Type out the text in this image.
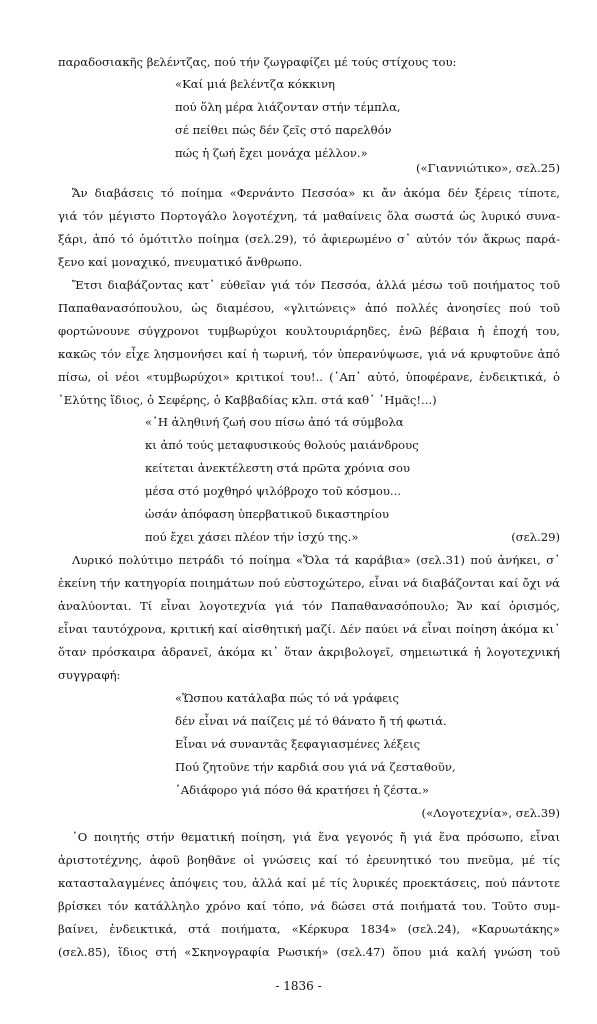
παραδοσιακῆς βελέντζας, πού τήν ζωγραφίζει μέ τούς στίχους του:
«Καί μιά βελέντζα κόκκινη
πού ὅλη μέρα λιάζονταν στήν τέμπλα,
σέ πείθει πώς δέν ζεῖς στό παρελθόν
πώς ἡ ζωή ἔχει μονάχα μέλλον.»
(«Γιαννιώτικο», σελ.25)
Ἄν διαβάσεις τό ποίημα «Φερνάντο Πεσσόα» κι ἄν ἀκόμα δέν ξέρεις τίποτε,
γιά τόν μέγιστο Πορτογάλο λογοτέχνη, τά μαθαίνεις ὅλα σωστά ὡς λυρικό συνα-
ξάρι, ἀπό τό ὁμότιτλο ποίημα (σελ.29), τό ἀφιερωμένο σ᾿ αὐτόν τόν ἄκρως παρά-
ξενο καί μοναχικό, πνευματικό ἄνθρωπο.
Ἔτσι διαβάζοντας κατ᾿ εὐθεῖαν γιά τόν Πεσσόα, ἀλλά μέσω τοῦ ποιήματος τοῦ
Παπαθανασόπουλου, ὡς διαμέσου, «γλιτώνεις» ἀπό πολλές ἀνοησίες πού τοῦ
φορτώνουνε σύγχρονοι τυμβωρύχοι κουλτουριάρηδες, ἐνῶ βέβαια ἡ ἐποχή του,
κακῶς τόν εἶχε λησμονήσει καί ἡ τωρινή, τόν ὑπερανύψωσε, γιά νά κρυφτοῦνε ἀπό
πίσω, οἱ νέοι «τυμβωρύχοι» κριτικοί του!.. (᾿Απ᾿ αὐτό, ὑποφέρανε, ἐνδεικτικά, ὁ
᾿Ελύτης ἴδιος, ὁ Σεφέρης, ὁ Καββαδίας κλπ. στά καθ᾿ ῾Ημᾶς!...)
«᾿Η ἀληθινή ζωή σου πίσω ἀπό τά σύμβολα
κι ἀπό τούς μεταφυσικούς θολούς μαιάνδρους
κείτεται ἀνεκτέλεστη στά πρῶτα χρόνια σου
μέσα στό μοχθηρό ψιλόβροχο τοῦ κόσμου...
ὡσάν ἀπόφαση ὑπερβατικοῦ δικαστηρίου
πού ἔχει χάσει πλέον τήν ἰσχύ της.»	(σελ.29)
Λυρικό πολύτιμο πετράδι τό ποίημα «Ὅλα τά καράβια» (σελ.31) πού ἀνήκει, σ᾿
ἐκείνη τήν κατηγορία ποιημάτων πού εὐστοχώτερο, εἶναι νά διαβάζονται καί ὄχι νά
ἀναλύονται. Τί εἶναι λογοτεχνία γιά τόν Παπαθανασόπουλο; Ἄν καί ὁρισμός,
εἶναι ταυτόχρονα, κριτική καί αἰσθητική μαζί. Δέν παύει νά εἶναι ποίηση ἀκόμα κι᾿
ὅταν πρόσκαιρα ἀδρανεῖ, ἀκόμα κι᾿ ὅταν ἀκριβολογεῖ, σημειωτικά ἡ λογοτεχνική
συγγραφή:
«Ὥσπου κατάλαβα πώς τό νά γράφεις
δέν εἶναι νά παίζεις μέ τό θάνατο ἤ τή φωτιά.
Εἶναι νά συναντᾶς ξεφαγιασμένες λέξεις
Πού ζητοῦνε τήν καρδιά σου γιά νά ζεσταθοῦν,
᾿Αδιάφορο γιά πόσο θά κρατήσει ἡ ζέστα.»
(«Λογοτεχνία», σελ.39)
῾Ο ποιητής στήν θεματική ποίηση, γιά ἕνα γεγονός ἤ γιά ἕνα πρόσωπο, εἶναι
ἀριστοτέχνης, ἀφοῦ βοηθᾶνε οἱ γνώσεις καί τό ἐρευνητικό του πνεῦμα, μέ τίς
κατασταλαγμένες ἀπόψεις του, ἀλλά καί μέ τίς λυρικές προεκτάσεις, πού πάντοτε
βρίσκει τόν κατάλληλο χρόνο καί τόπο, νά δώσει στά ποιήματά του. Τοῦτο συμ-
βαίνει, ἐνδεικτικά, στά ποιήματα, «Κέρκυρα 1834» (σελ.24), «Καρυωτάκης»
(σελ.85), ἴδιος στή «Σκηνογραφία Ρωσική» (σελ.47) ὅπου μιά καλή γνώση τοῦ
- 1836 -
